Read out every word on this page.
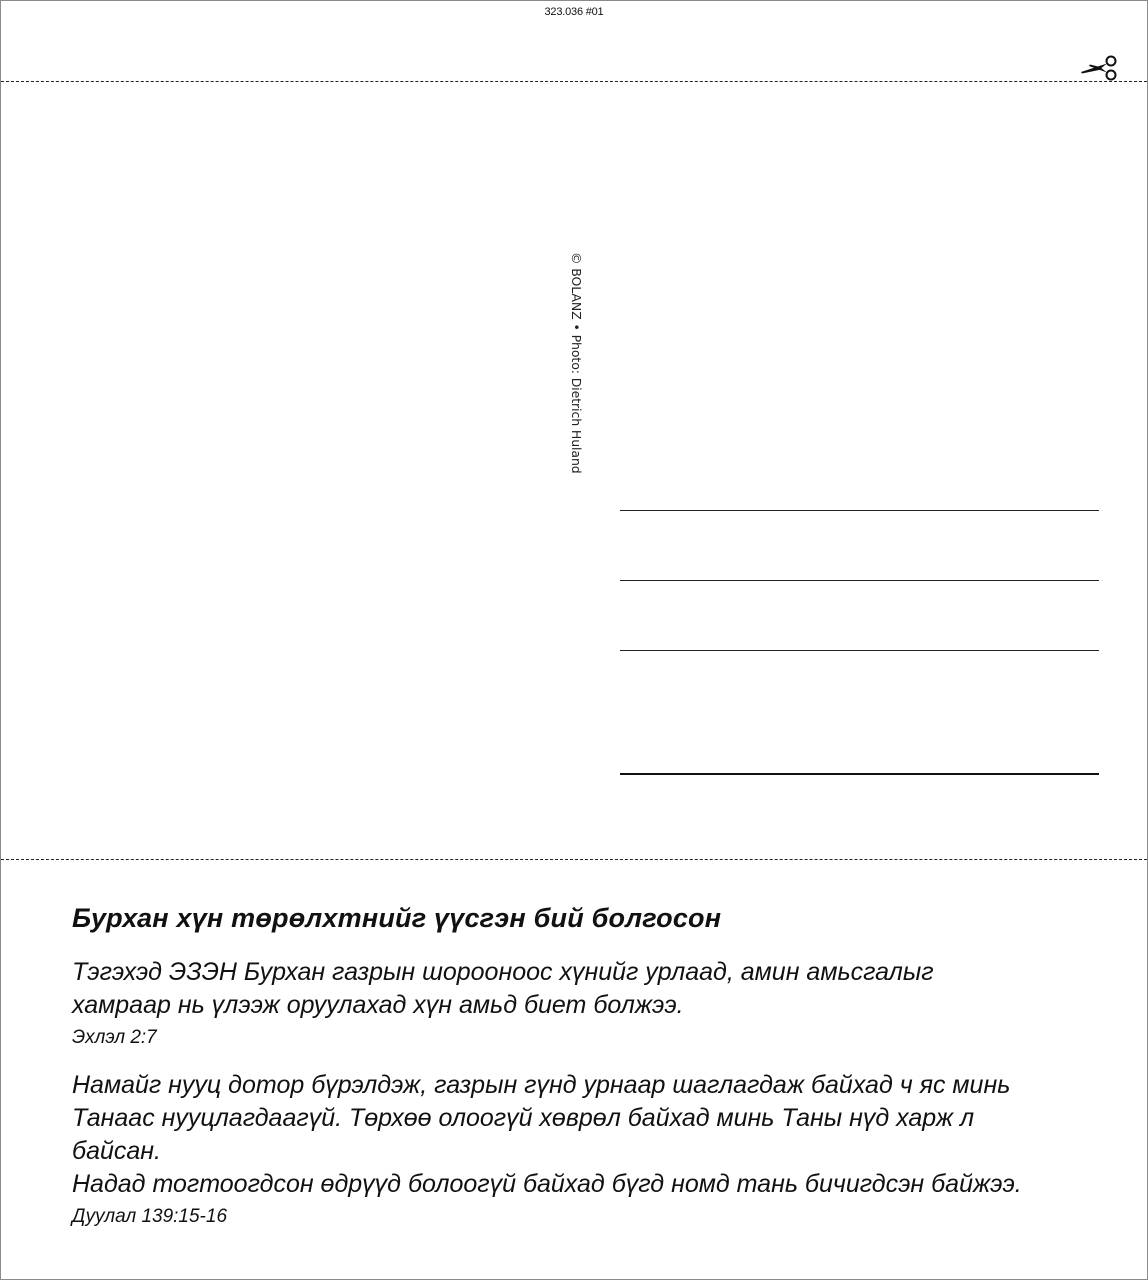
323.036 #01
© BOLANZ • Photo: Dietrich Huland
Бурхан хүн төрөлхтнийг үүсгэн бий болгосон

Тэгэхэд ЭЗЭН Бурхан газрын шороонoос хүнийг урлаад, амин амьсгалыг
хамраар нь үлээж оруулахад хүн амьд биет болжээ.

Эхлэл 2:7

Намайг нууц дотор бүрэлдэж, газрын гүнд урнаар шаглагдаж байхад ч яс минь
Танаас нууцлагдаагүй. Төрхөө олоогүй хөврөл байхад минь Таны нүд харж л
байсан.
Надад тогтоогдсон өдрүүд болоогүй байхад бүгд номд тань бичигдсэн байжээ.

Дуулал 139:15-16
